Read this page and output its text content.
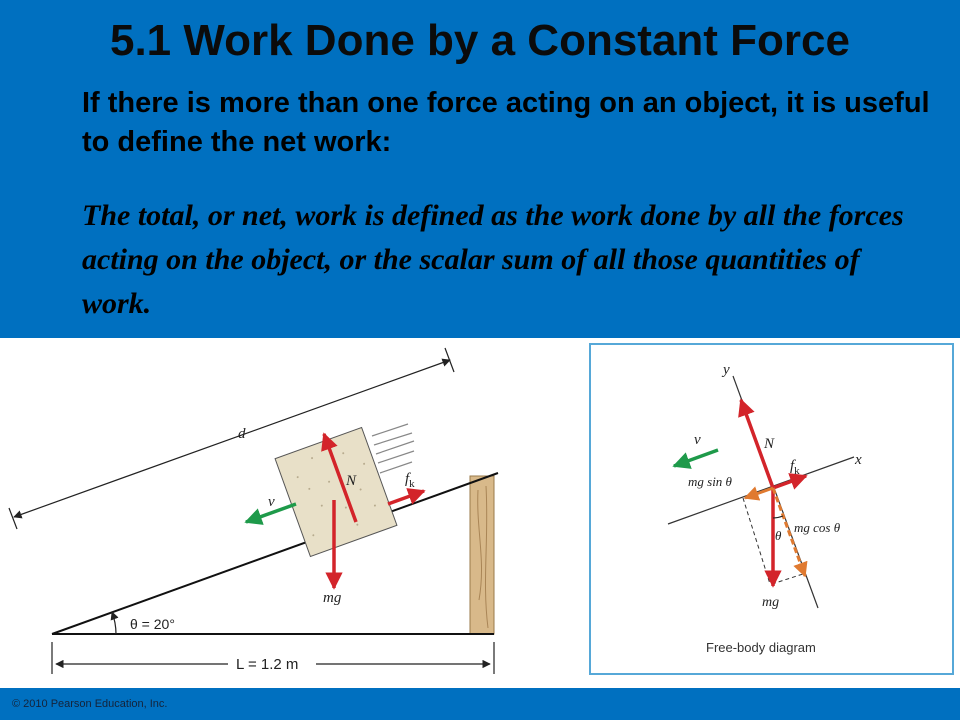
5.1 Work Done by a Constant Force
If there is more than one force acting on an object, it is useful to define the net work:
The total, or net, work is defined as the work done by all the forces acting on the object, or the scalar sum of all those quantities of work.
d
N	$f_k$
mg
v
θ = 20°
L = 1.2 m
y
x
N
$f_k$
mg
mg sin θ
mg cos θ
θ
v
Free-body diagram
© 2010 Pearson Education, Inc.
